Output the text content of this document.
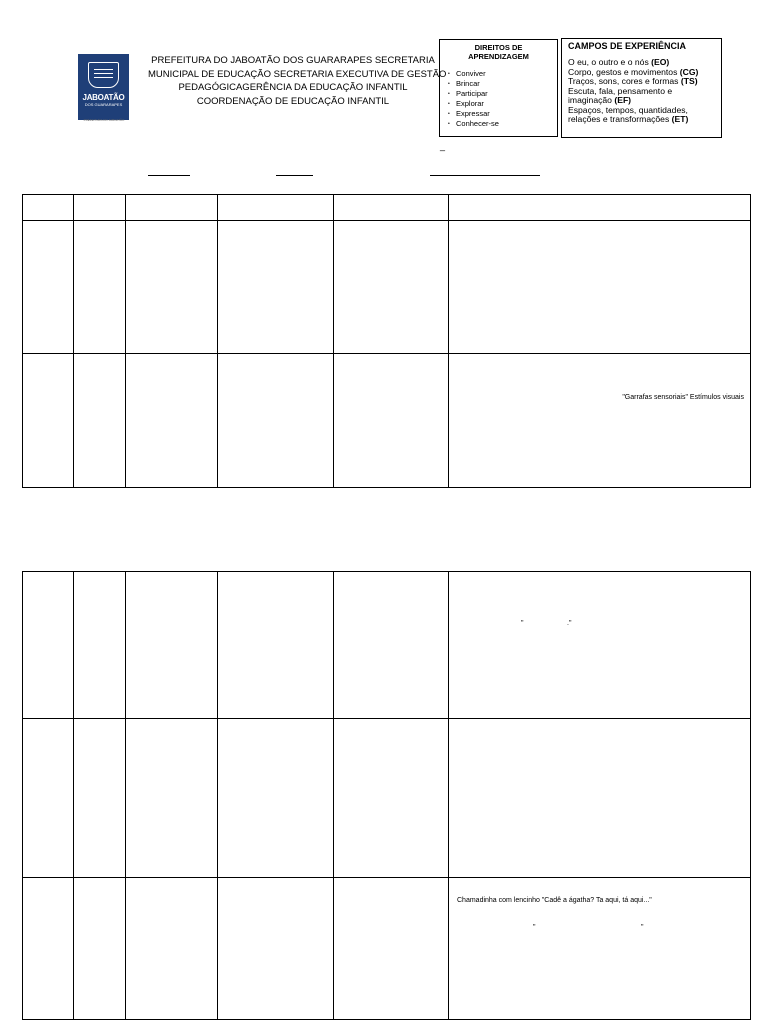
JABOATÃO
DOS GUARARAPES
PREFEITURA DO JABOATÃO
PREFEITURA DO JABOATÃO DOS GUARARAPES SECRETARIA
MUNICIPAL DE EDUCAÇÃO SECRETARIA EXECUTIVA DE GESTÃO
PEDAGÓGICAGERÊNCIA DA EDUCAÇÃO INFANTIL
COORDENAÇÃO DE EDUCAÇÃO INFANTIL
DIREITOS DE
APRENDIZAGEM
• Conviver
• Brincar
• Participar
• Explorar
• Expressar
• Conhecer-se
CAMPOS DE EXPERIÊNCIA
O eu, o outro e o nós (EO)
Corpo, gestos e movimentos (CG)
Traços, sons, cores e formas (TS)
Escuta, fala, pensamento e
imaginação (EF)
Espaços, tempos, quantidades,
relações e transformações (ET)
_

					"Garrafas sensoriais" Estímulos visuais

					" ."

					Chamadinha com lencinho "Cadê a ágatha? Ta aqui, tá aqui..."
" "
